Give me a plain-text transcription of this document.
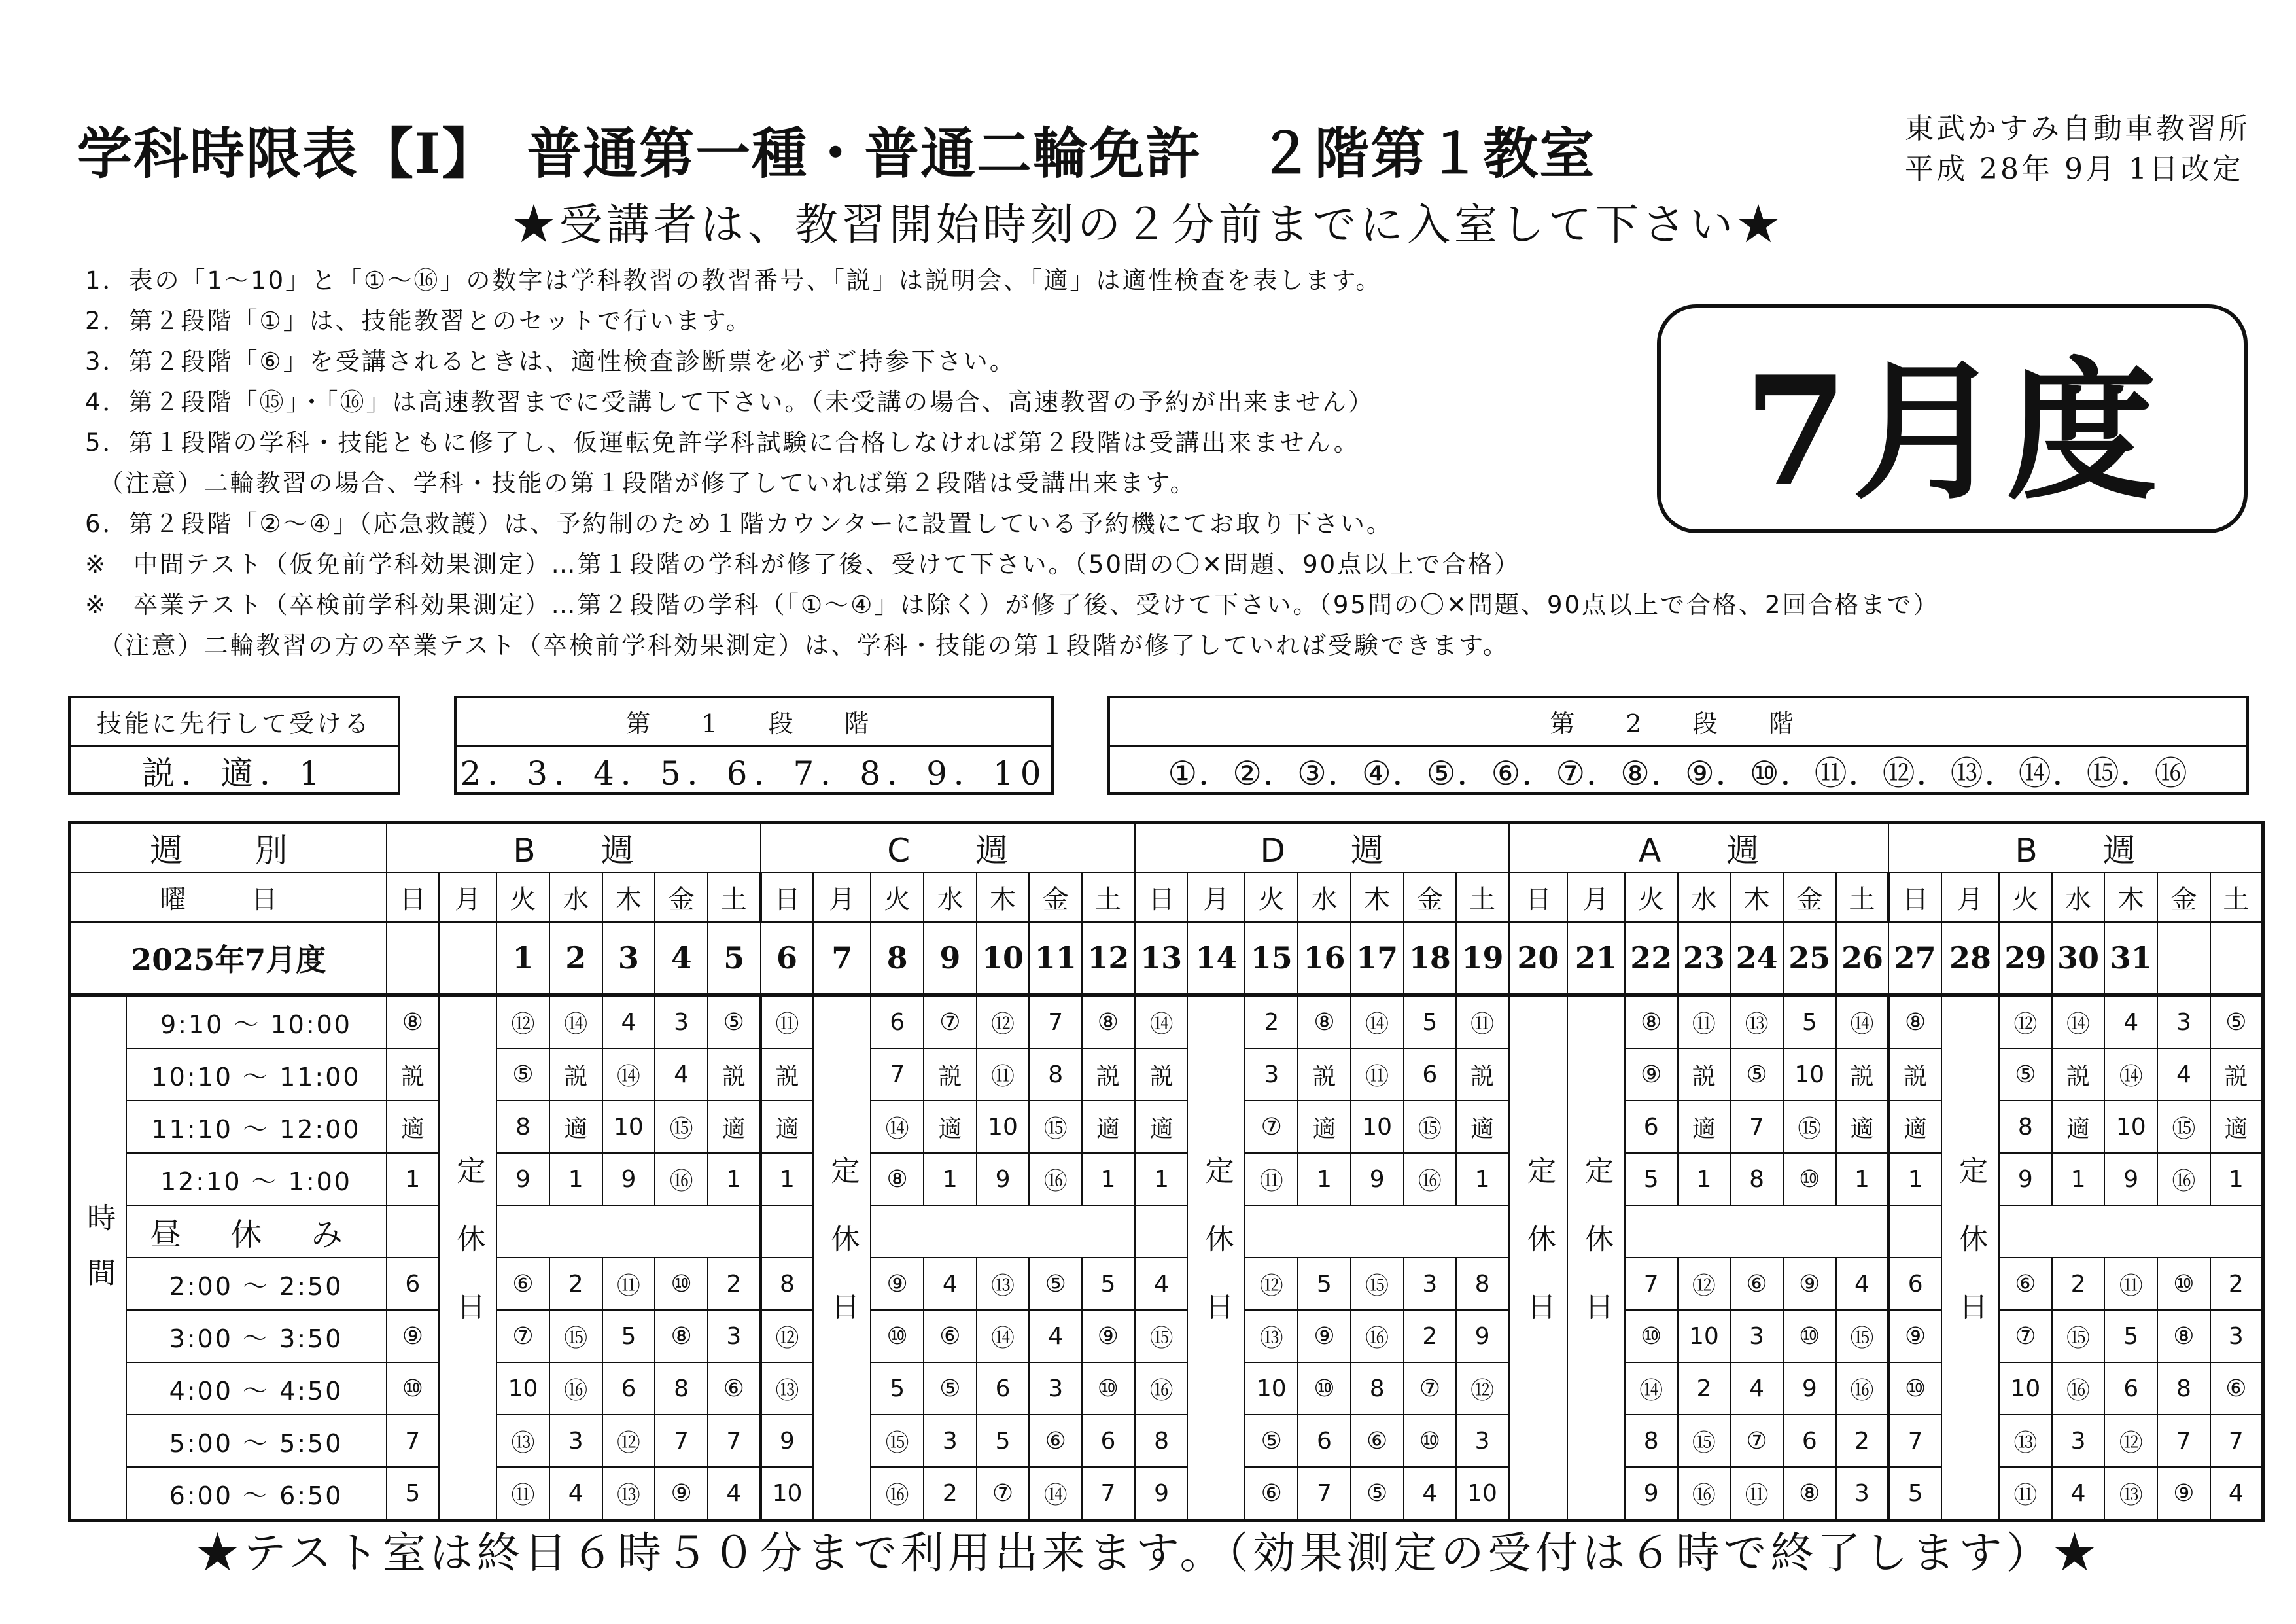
学科時限表【Ⅰ】　普通第一種・普通二輪免許　２階第１教室	東武かすみ自動車教習所
平成 28年 9月 1日改定
★受講者は、教習開始時刻の２分前までに入室して下さい★
1．表の「1～10」と「①～⑯」の数字は学科教習の教習番号、「説」は説明会、「適」は適性検査を表します。
2．第２段階「①」は、技能教習とのセットで行います。
3．第２段階「⑥」を受講されるときは、適性検査診断票を必ずご持参下さい。
4．第２段階「⑮」・「⑯」は高速教習までに受講して下さい。（未受講の場合、高速教習の予約が出来ません）
5．第１段階の学科・技能ともに修了し、仮運転免許学科試験に合格しなければ第２段階は受講出来ません。
　（注意）二輪教習の場合、学科・技能の第１段階が修了していれば第２段階は受講出来ます。
6．第２段階「②～④」（応急救護）は、予約制のため１階カウンターに設置している予約機にてお取り下さい。
※　中間テスト（仮免前学科効果測定）…第１段階の学科が修了後、受けて下さい。（50問の〇✕問題、90点以上で合格）
※　卒業テスト（卒検前学科効果測定）…第２段階の学科（「①～④」は除く）が修了後、受けて下さい。（95問の〇✕問題、90点以上で合格、2回合格まで）
　（注意）二輪教習の方の卒業テスト（卒検前学科効果測定）は、学科・技能の第１段階が修了していれば受験できます。
7月度
技能に先行して受ける
説．適．1
第　1　段　階
2．3．4．5．6．7．8．9．10
第　2　段　階
①．②．③．④．⑤．⑥．⑦．⑧．⑨．⑩．⑪．⑫．⑬．⑭．⑮．⑯
週　別		B　　週							C　　週							D　　週							A　　週							B　　週						
曜　日		日	月	火	水	木	金	土	日	月	火	水	木	金	土	日	月	火	水	木	金	土	日	月	火	水	木	金	土	日	月	火	水	木	金	土
2025年7月度				1	2	3	4	5	6	7	8	9	10	11	12	13	14	15	16	17	18	19	20	21	22	23	24	25	26	27	28	29	30	31		
時間	9:10 ～ 10:00	⑧	定休日	⑫	⑭	4	3	⑤	⑪	定休日	6	⑦	⑫	7	⑧	⑭	定休日	2	⑧	⑭	5	⑪	定休日	定休日	⑧	⑪	⑬	5	⑭	⑧	定休日	⑫	⑭	4	3	⑤
	10:10 ～ 11:00	説		⑤	説	⑭	4	説	説		7	説	⑪	8	説	説		3	説	⑪	6	説			⑨	説	⑤	10	説	説		⑤	説	⑭	4	説
	11:10 ～ 12:00	適		8	適	10	⑮	適	適		⑭	適	10	⑮	適	適		⑦	適	10	⑮	適			6	適	7	⑮	適	適		8	適	10	⑮	適
	12:10 ～ 1:00	1		9	1	9	⑯	1	1		⑧	1	9	⑯	1	1		⑪	1	9	⑯	1			5	1	8	⑩	1	1		9	1	9	⑯	1
	昼 休 み																																			
	2:00 ～ 2:50	6		⑥	2	⑪	⑩	2	8		⑨	4	⑬	⑤	5	4		⑫	5	⑮	3	8			7	⑫	⑥	⑨	4	6		⑥	2	⑪	⑩	2
	3:00 ～ 3:50	⑨		⑦	⑮	5	⑧	3	⑫		⑩	⑥	⑭	4	⑨	⑮		⑬	⑨	⑯	2	9			⑩	10	3	⑩	⑮	⑨		⑦	⑮	5	⑧	3
	4:00 ～ 4:50	⑩		10	⑯	6	8	⑥	⑬		5	⑤	6	3	⑩	⑯		10	⑩	8	⑦	⑫			⑭	2	4	9	⑯	⑩		10	⑯	6	8	⑥
	5:00 ～ 5:50	7		⑬	3	⑫	7	7	9		⑮	3	5	⑥	6	8		⑤	6	⑥	⑩	3			8	⑮	⑦	6	2	7		⑬	3	⑫	7	7
	6:00 ～ 6:50	5		⑪	4	⑬	⑨	4	10		⑯	2	⑦	⑭	7	9		⑥	7	⑤	4	10			9	⑯	⑪	⑧	3	5		⑪	4	⑬	⑨	4
★テスト室は終日６時５０分まで利用出来ます。（効果測定の受付は６時で終了します）★
